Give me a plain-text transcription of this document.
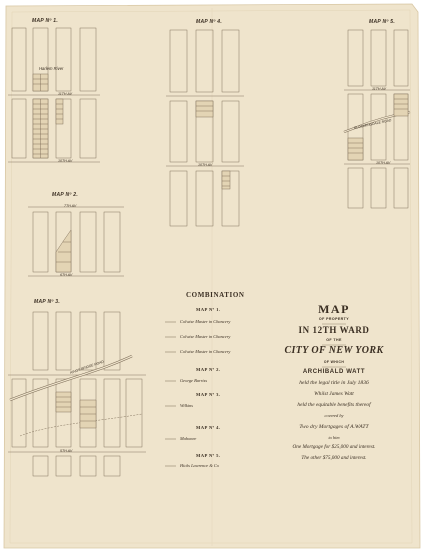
MAP Nº 1.	MAP Nº 4.	MAP Nº 5.
MAP Nº 2.
MAP Nº 3.
Harlem River
11TH AV
10TH AV
7TH AV
6TH AV
KINGS BRIDGE ROAD
5TH AV
10TH AV
11TH AV
BLOOMINGDALE ROAD
10TH AV
COMBINATION
MAP Nº 1.
Colwise Master in Chancery
Colwise Master in Chancery
Colwise Master in Chancery
MAP Nº 2.
George Barriss
MAP Nº 3.
Wilkins
MAP Nº 4.
Mahonee
MAP Nº 5.
Hicks Lawrence & Co
MAP
OF PROPERTY
IN 12TH WARD
OF THE
CITY OF NEW YORK
OF WHICH
ARCHIBALD WATT
held the legal title in July 1836
Whilst James Watt
held the equitable benefits thereof
covered by
Two dry Mortgages of A.WATT
to him
One Mortgage for $25,000 and interest.
The other $75,000 and interest.
